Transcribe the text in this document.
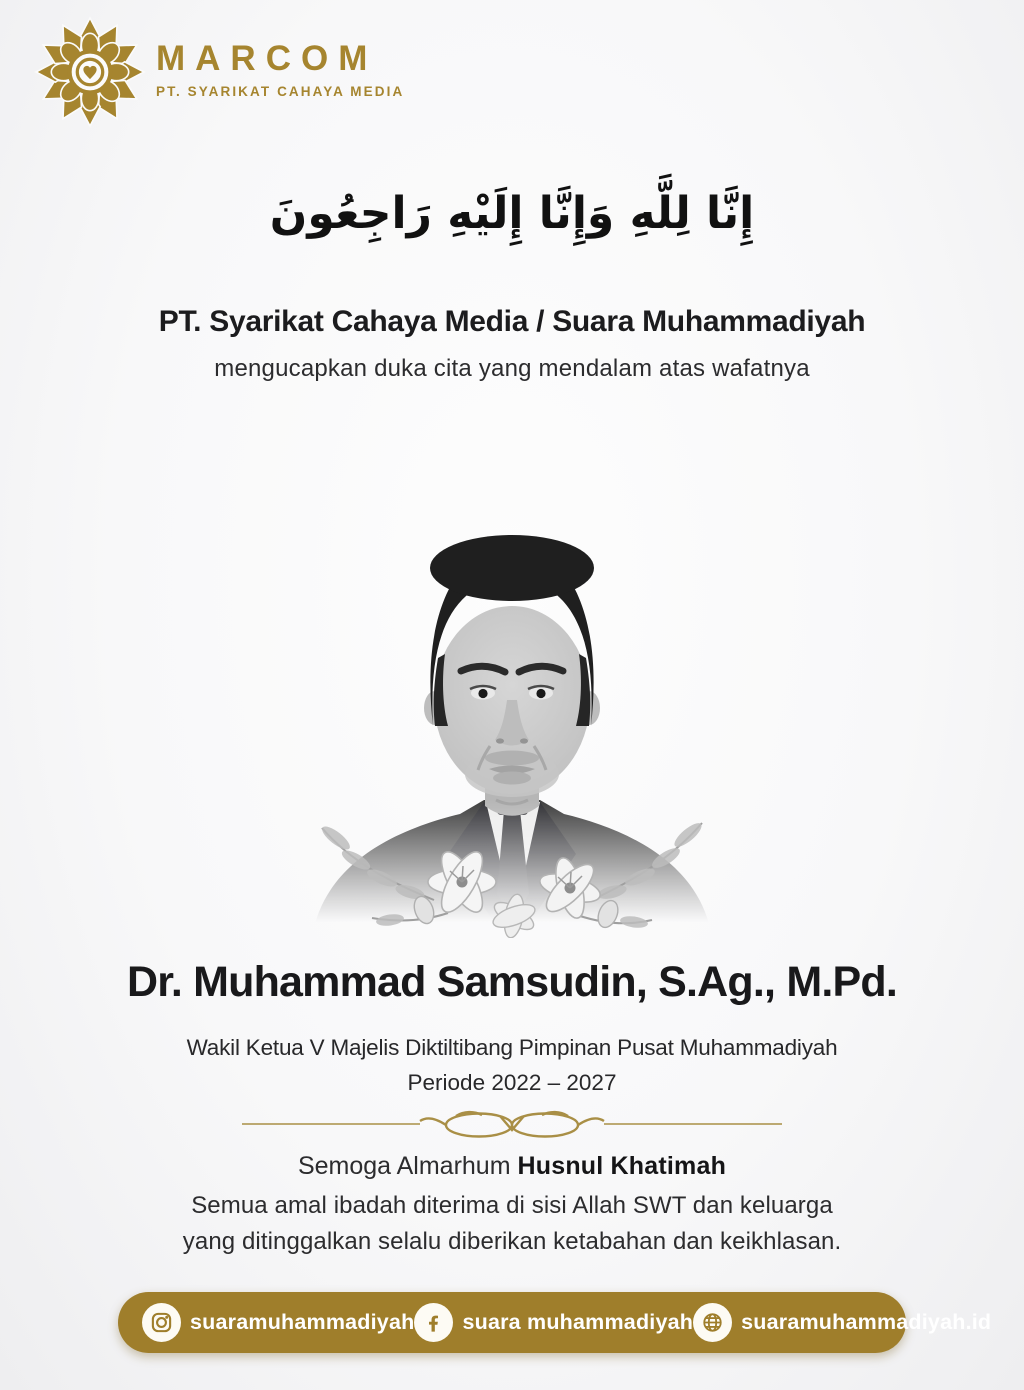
MARCOM
PT. SYARIKAT CAHAYA MEDIA
إِنَّا لِلَّهِ وَإِنَّا إِلَيْهِ رَاجِعُونَ
PT. Syarikat Cahaya Media / Suara Muhammadiyah
mengucapkan duka cita yang mendalam atas wafatnya
Dr. Muhammad Samsudin, S.Ag., M.Pd.
Wakil Ketua V Majelis Diktiltibang Pimpinan Pusat Muhammadiyah
Periode 2022 – 2027
Semoga Almarhum Husnul Khatimah
Semua amal ibadah diterima di sisi Allah SWT dan keluarga
yang ditinggalkan selalu diberikan ketabahan dan keikhlasan.
suaramuhammadiyah suara muhammadiyah suaramuhammadiyah.id
